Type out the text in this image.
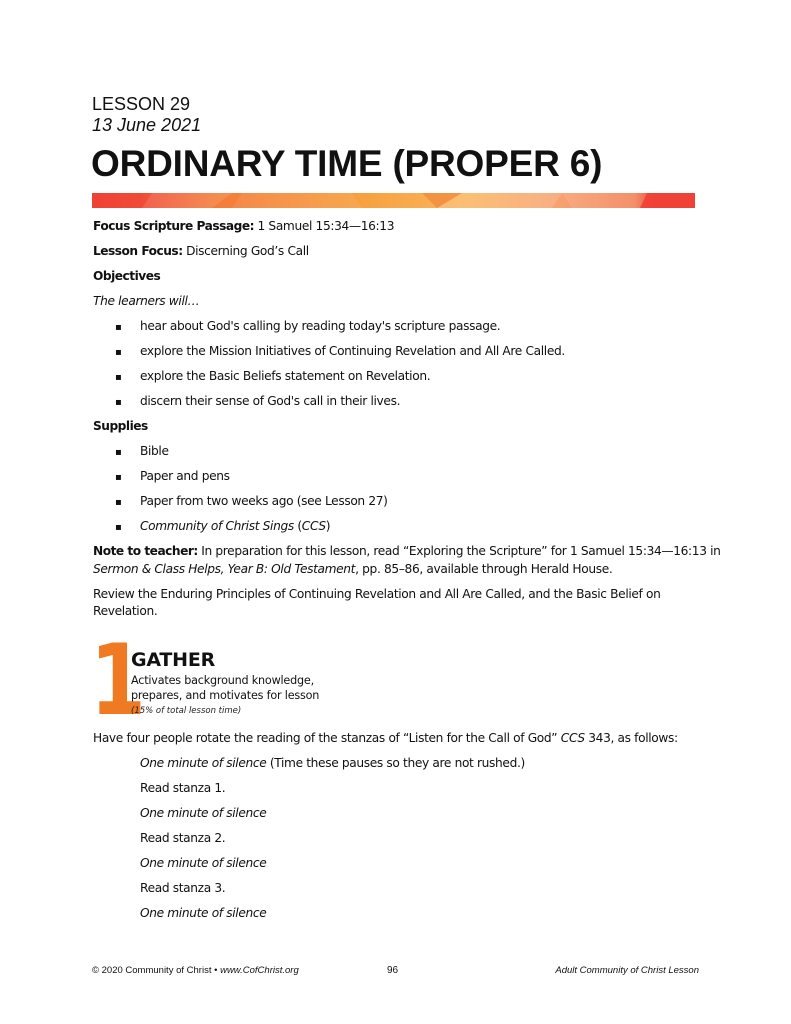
LESSON 29
13 June 2021
ORDINARY TIME (PROPER 6)
Focus Scripture Passage: 1 Samuel 15:34—16:13
Lesson Focus: Discerning God’s Call
Objectives
The learners will…
▪ hear about God's calling by reading today's scripture passage.
▪ explore the Mission Initiatives of Continuing Revelation and All Are Called.
▪ explore the Basic Beliefs statement on Revelation.
▪ discern their sense of God's call in their lives.
Supplies
▪ Bible
▪ Paper and pens
▪ Paper from two weeks ago (see Lesson 27)
▪ Community of Christ Sings (CCS)
Note to teacher: In preparation for this lesson, read “Exploring the Scripture” for 1 Samuel 15:34—16:13 in
Sermon & Class Helps, Year B: Old Testament, pp. 85–86, available through Herald House.
Review the Enduring Principles of Continuing Revelation and All Are Called, and the Basic Belief on
Revelation.
1
GATHER
Activates background knowledge,
prepares, and motivates for lesson
(15% of total lesson time)
Have four people rotate the reading of the stanzas of “Listen for the Call of God” CCS 343, as follows:
One minute of silence (Time these pauses so they are not rushed.)
Read stanza 1.
One minute of silence
Read stanza 2.
One minute of silence
Read stanza 3.
One minute of silence
© 2020 Community of Christ • www.CofChrist.org	96	Adult Community of Christ Lesson
